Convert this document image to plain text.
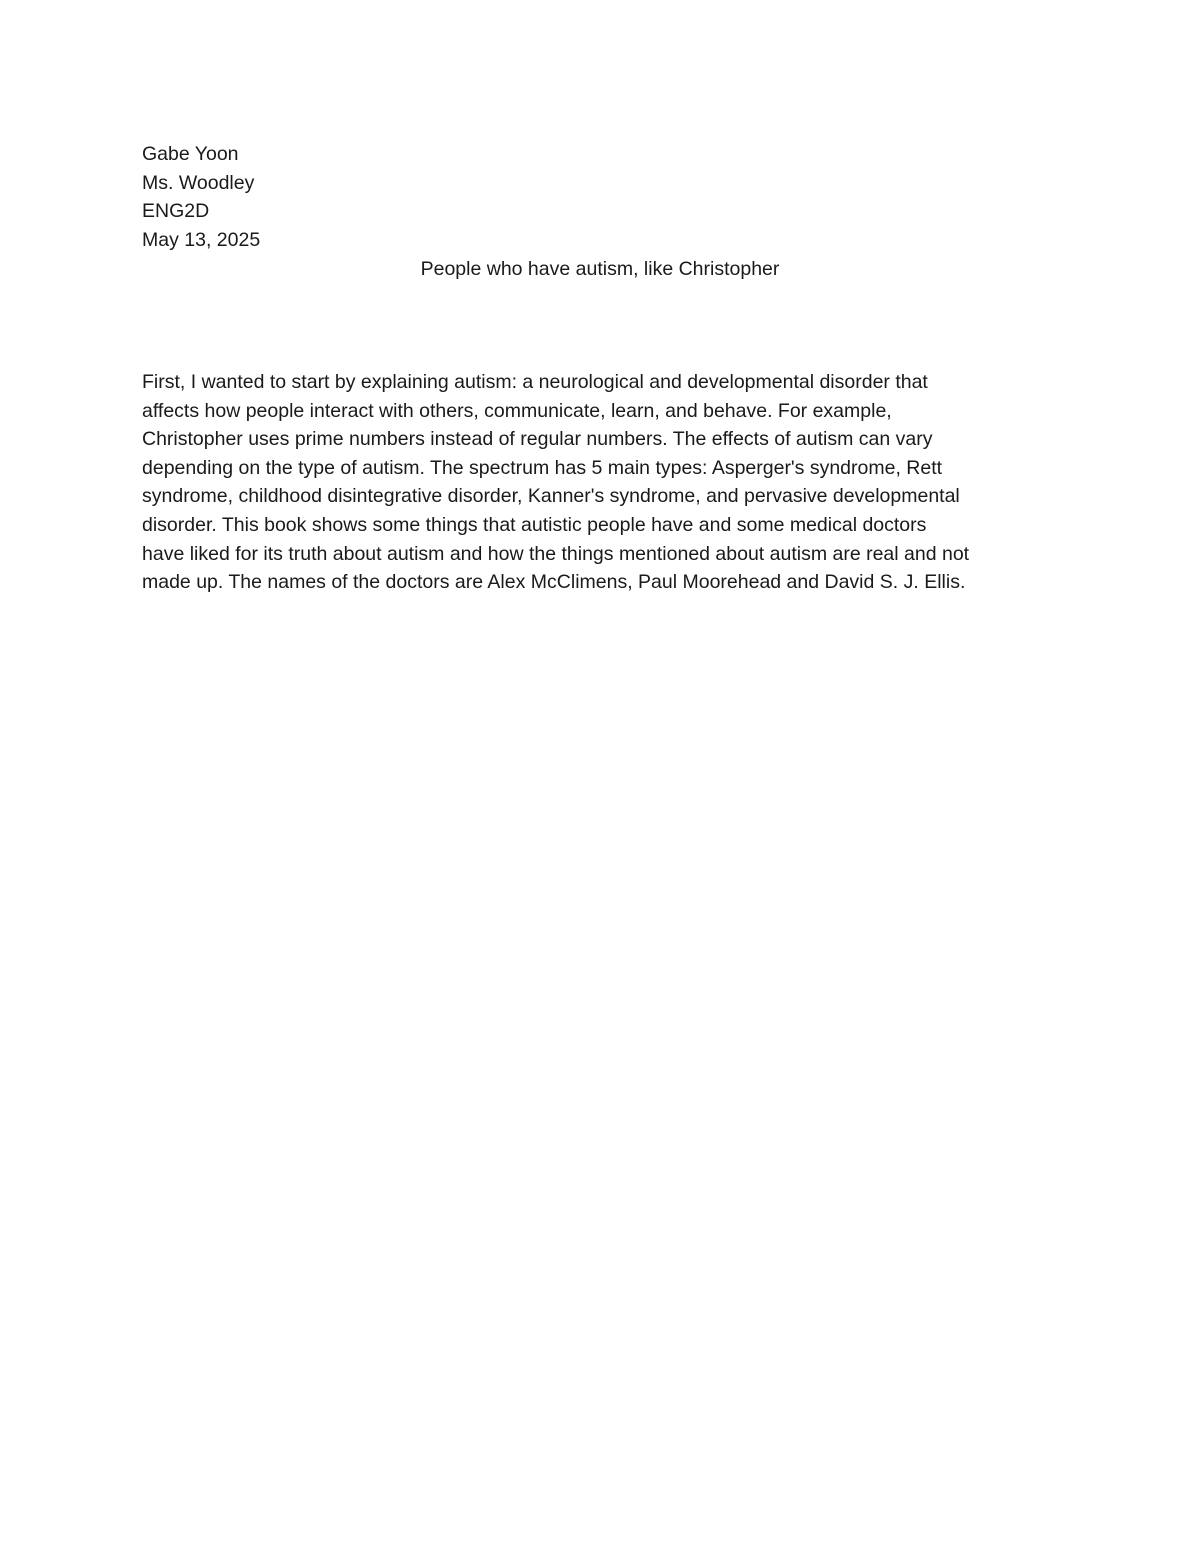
Gabe Yoon
Ms. Woodley
ENG2D
May 13, 2025
People who have autism, like Christopher

First, I wanted to start by explaining autism: a neurological and developmental disorder that
affects how people interact with others, communicate, learn, and behave. For example,
Christopher uses prime numbers instead of regular numbers. The effects of autism can vary
depending on the type of autism. The spectrum has 5 main types: Asperger's syndrome, Rett
syndrome, childhood disintegrative disorder, Kanner's syndrome, and pervasive developmental
disorder. This book shows some things that autistic people have and some medical doctors
have liked for its truth about autism and how the things mentioned about autism are real and not
made up. The names of the doctors are Alex McClimens, Paul Moorehead and David S. J. Ellis.
